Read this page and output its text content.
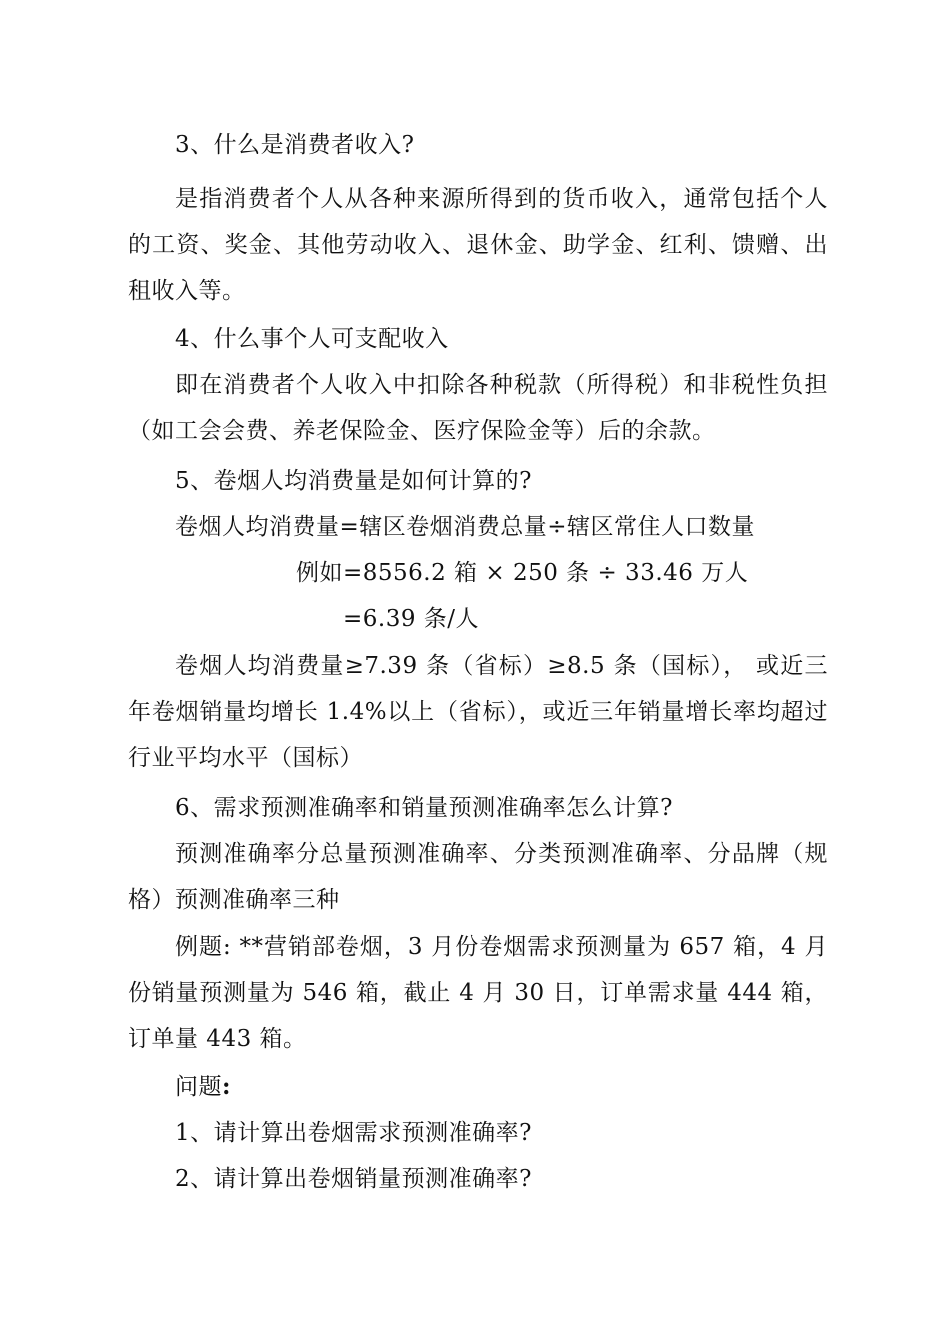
3、什么是消费者收入?

是指消费者个人从各种来源所得到的货币收入，通常包括个人的工资、奖金、其他劳动收入、退休金、助学金、红利、馈赠、出租收入等。

4、什么事个人可支配收入

即在消费者个人收入中扣除各种税款（所得税）和非税性负担（如工会会费、养老保险金、医疗保险金等）后的余款。

5、卷烟人均消费量是如何计算的?

卷烟人均消费量=辖区卷烟消费总量÷辖区常住人口数量

例如=8556.2 箱 × 250 条 ÷ 33.46 万人

=6.39 条/人

卷烟人均消费量≥7.39 条（省标）≥8.5 条（国标）， 或近三年卷烟销量均增长 1.4%以上（省标），或近三年销量增长率均超过行业平均水平（国标）

6、需求预测准确率和销量预测准确率怎么计算?

预测准确率分总量预测准确率、分类预测准确率、分品牌（规格）预测准确率三种

例题: **营销部卷烟，3 月份卷烟需求预测量为 657 箱，4 月份销量预测量为 546 箱，截止 4 月 30 日，订单需求量 444 箱，订单量 443 箱。

问题:

1、请计算出卷烟需求预测准确率?

2、请计算出卷烟销量预测准确率?
